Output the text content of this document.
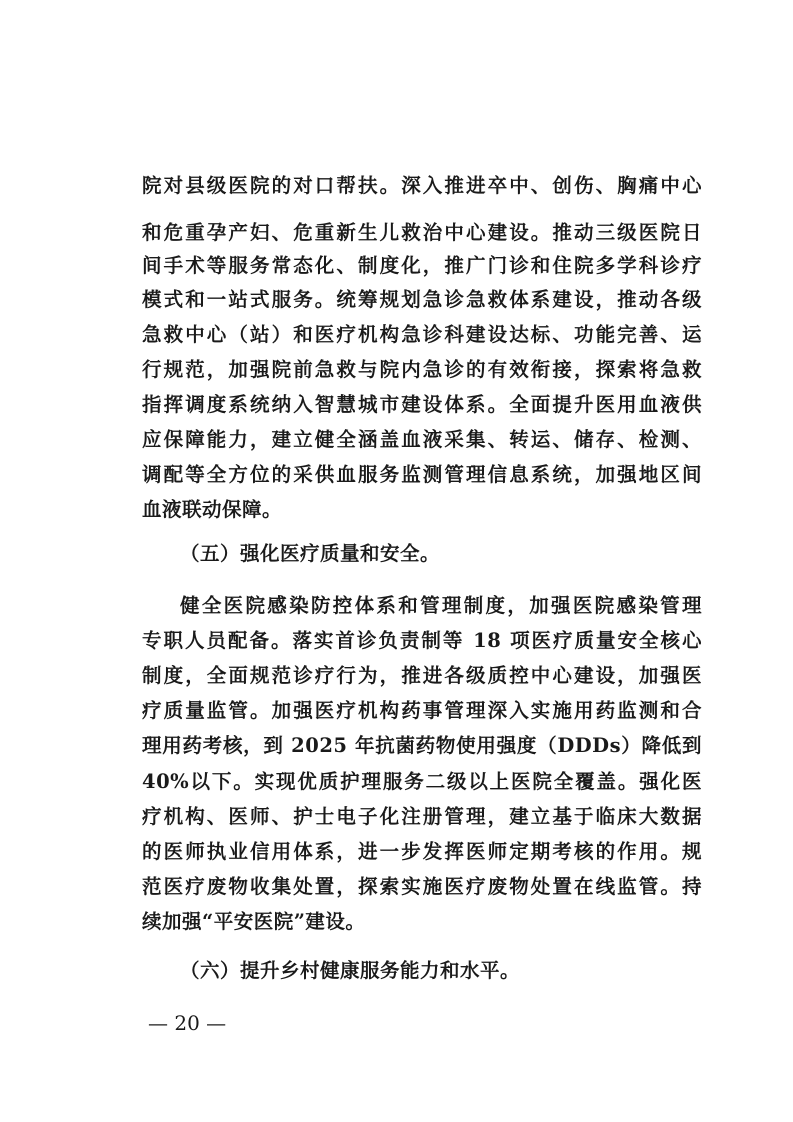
院对县级医院的对口帮扶。深入推进卒中、创伤、胸痛中心
和危重孕产妇、危重新生儿救治中心建设。推动三级医院日
间手术等服务常态化、制度化，推广门诊和住院多学科诊疗
模式和一站式服务。统筹规划急诊急救体系建设，推动各级
急救中心（站）和医疗机构急诊科建设达标、功能完善、运
行规范，加强院前急救与院内急诊的有效衔接，探索将急救
指挥调度系统纳入智慧城市建设体系。全面提升医用血液供
应保障能力，建立健全涵盖血液采集、转运、储存、检测、
调配等全方位的采供血服务监测管理信息系统，加强地区间
血液联动保障。
（五）强化医疗质量和安全。
健全医院感染防控体系和管理制度，加强医院感染管理
专职人员配备。落实首诊负责制等 18 项医疗质量安全核心
制度，全面规范诊疗行为，推进各级质控中心建设，加强医
疗质量监管。加强医疗机构药事管理深入实施用药监测和合
理用药考核，到 2025 年抗菌药物使用强度（DDDs）降低到
40%以下。实现优质护理服务二级以上医院全覆盖。强化医
疗机构、医师、护士电子化注册管理，建立基于临床大数据
的医师执业信用体系，进一步发挥医师定期考核的作用。规
范医疗废物收集处置，探索实施医疗废物处置在线监管。持
续加强“平安医院”建设。
（六）提升乡村健康服务能力和水平。
— 20 —
